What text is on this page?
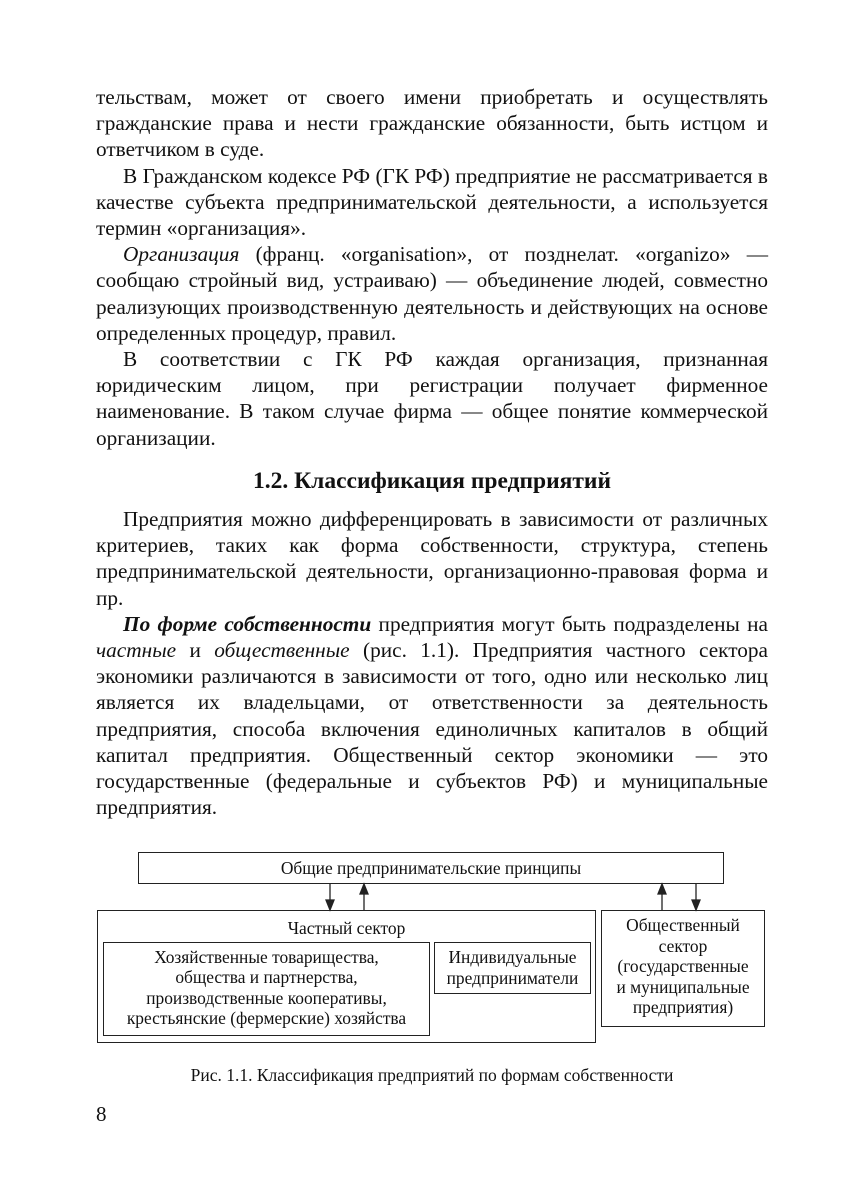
тельствам, может от своего имени приобретать и осуществлять гражданские права и нести гражданские обязанности, быть истцом и ответчиком в суде.

В Гражданском кодексе РФ (ГК РФ) предприятие не рассматривается в качестве субъекта предпринимательской деятельности, а используется термин «организация».

Организация (франц. «organisation», от позднелат. «organizo» — сообщаю стройный вид, устраиваю) — объединение людей, совместно реализующих производственную деятельность и действующих на основе определенных процедур, правил.

В соответствии с ГК РФ каждая организация, признанная юридическим лицом, при регистрации получает фирменное наименование. В таком случае фирма — общее понятие коммерческой организации.

1.2. Классификация предприятий

Предприятия можно дифференцировать в зависимости от различных критериев, таких как форма собственности, структура, степень предпринимательской деятельности, организационно-правовая форма и пр.

По форме собственности предприятия могут быть подразделены на частные и общественные (рис. 1.1). Предприятия частного сектора экономики различаются в зависимости от того, одно или несколько лиц является их владельцами, от ответственности за деятельность предприятия, способа включения единоличных капиталов в общий капитал предприятия. Общественный сектор экономики — это государственные (федеральные и субъектов РФ) и муниципальные предприятия.

Общие предпринимательские принципы
Частный сектор
Хозяйственные товарищества,
общества и партнерства,
производственные кооперативы,
крестьянские (фермерские) хозяйства
Индивидуальные
предприниматели
Общественный
сектор
(государственные
и муниципальные
предприятия)

Рис. 1.1. Классификация предприятий по формам собственности

8
